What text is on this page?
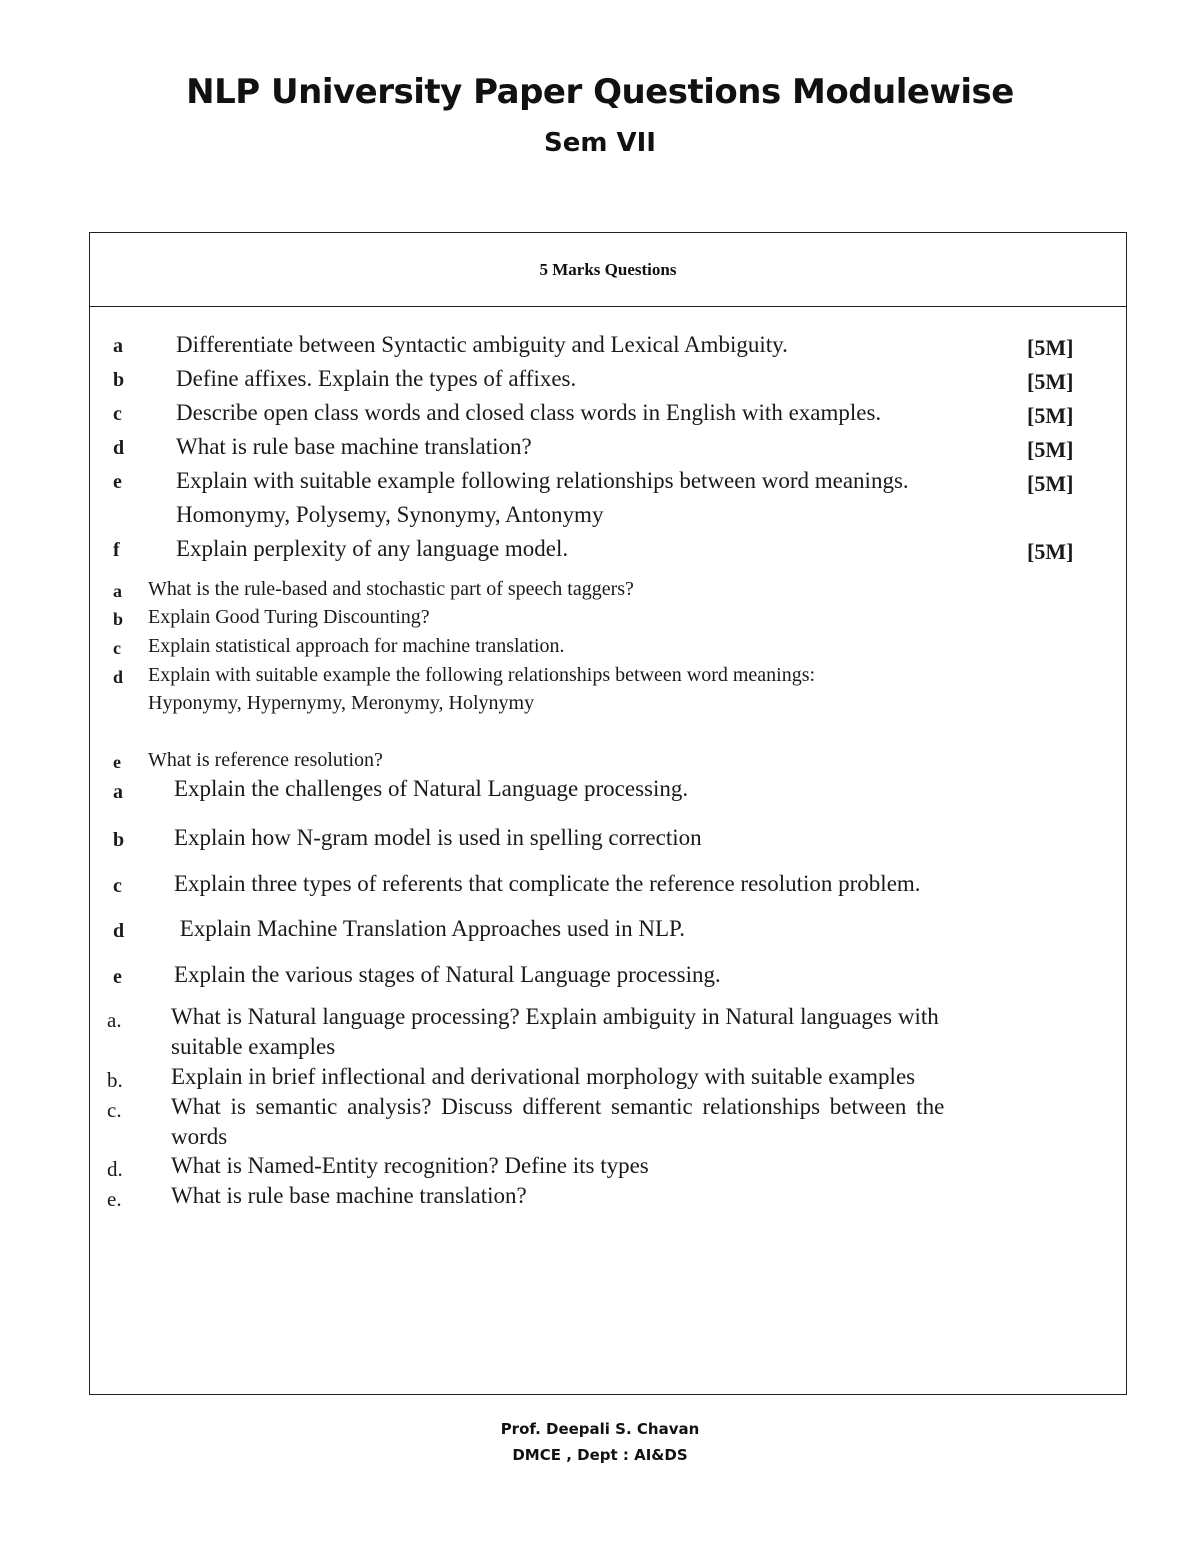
NLP University Paper Questions Modulewise
Sem VII
5 Marks Questions
a Differentiate between Syntactic ambiguity and Lexical Ambiguity.	[5M]
b Define affixes. Explain the types of affixes.	[5M]
c Describe open class words and closed class words in English with examples.	[5M]
d What is rule base machine translation?	[5M]
e Explain with suitable example following relationships between word meanings.	[5M]
Homonymy, Polysemy, Synonymy, Antonymy
f Explain perplexity of any language model.	[5M]
a What is the rule-based and stochastic part of speech taggers?
b Explain Good Turing Discounting?
c Explain statistical approach for machine translation.
d Explain with suitable example the following relationships between word meanings:
Hyponymy, Hypernymy, Meronymy, Holynymy
e What is reference resolution?
a Explain the challenges of Natural Language processing.
b Explain how N-gram model is used in spelling correction
c Explain three types of referents that complicate the reference resolution problem.
d Explain Machine Translation Approaches used in NLP.
e Explain the various stages of Natural Language processing.
a. What is Natural language processing? Explain ambiguity in Natural languages with
suitable examples
b. Explain in brief inflectional and derivational morphology with suitable examples
c. What is semantic analysis? Discuss different semantic relationships between the
words
d. What is Named-Entity recognition? Define its types
e. What is rule base machine translation?
Prof. Deepali S. Chavan
DMCE , Dept : AI&DS
